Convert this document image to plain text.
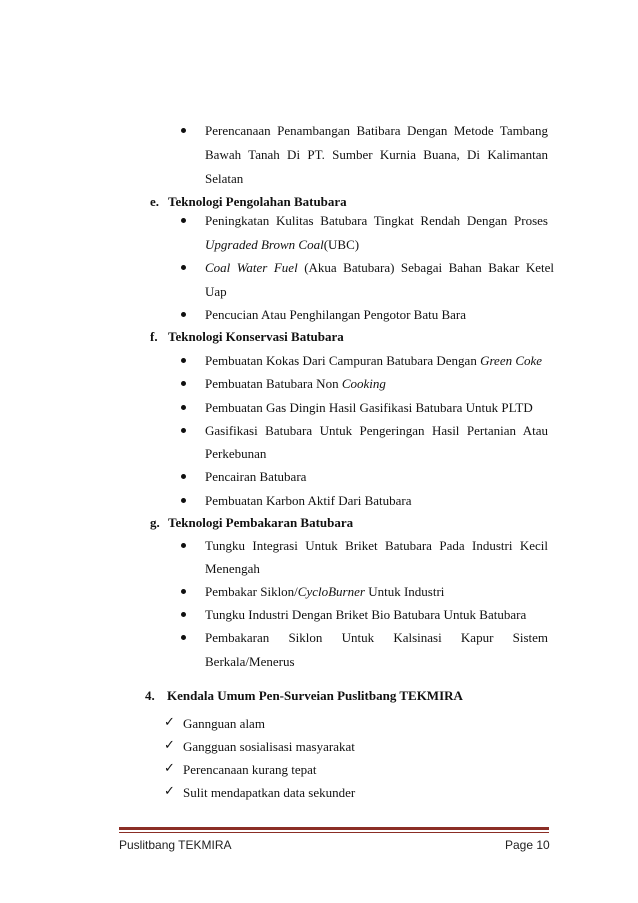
Perencanaan Penambangan Batibara Dengan Metode Tambang
Bawah Tanah Di PT. Sumber Kurnia Buana, Di Kalimantan
Selatan
e. Teknologi Pengolahan Batubara
Peningkatan Kulitas Batubara Tingkat Rendah Dengan Proses
Upgraded Brown Coal(UBC)
Coal  Water  Fuel  (Akua  Batubara)  Sebagai  Bahan  Bakar  Ketel
Uap
Pencucian Atau Penghilangan Pengotor Batu Bara
f. Teknologi Konservasi Batubara
Pembuatan Kokas Dari Campuran Batubara Dengan Green Coke
Pembuatan Batubara Non Cooking
Pembuatan Gas Dingin Hasil Gasifikasi Batubara Untuk PLTD
Gasifikasi Batubara Untuk Pengeringan Hasil Pertanian Atau
Perkebunan
Pencairan Batubara
Pembuatan Karbon Aktif Dari Batubara
g. Teknologi Pembakaran Batubara
Tungku Integrasi Untuk Briket Batubara Pada Industri Kecil
Menengah
Pembakar Siklon/CycloBurner Untuk Industri
Tungku Industri Dengan Briket Bio Batubara Untuk Batubara
Pembakaran Siklon Untuk Kalsinasi Kapur Sistem
Berkala/Menerus
4. Kendala Umum Pen-Surveian Puslitbang TEKMIRA
✓ Gannguan alam
✓ Gangguan sosialisasi masyarakat
✓ Perencanaan kurang tepat
✓ Sulit mendapatkan data sekunder
Puslitbang TEKMIRA	Page 10
